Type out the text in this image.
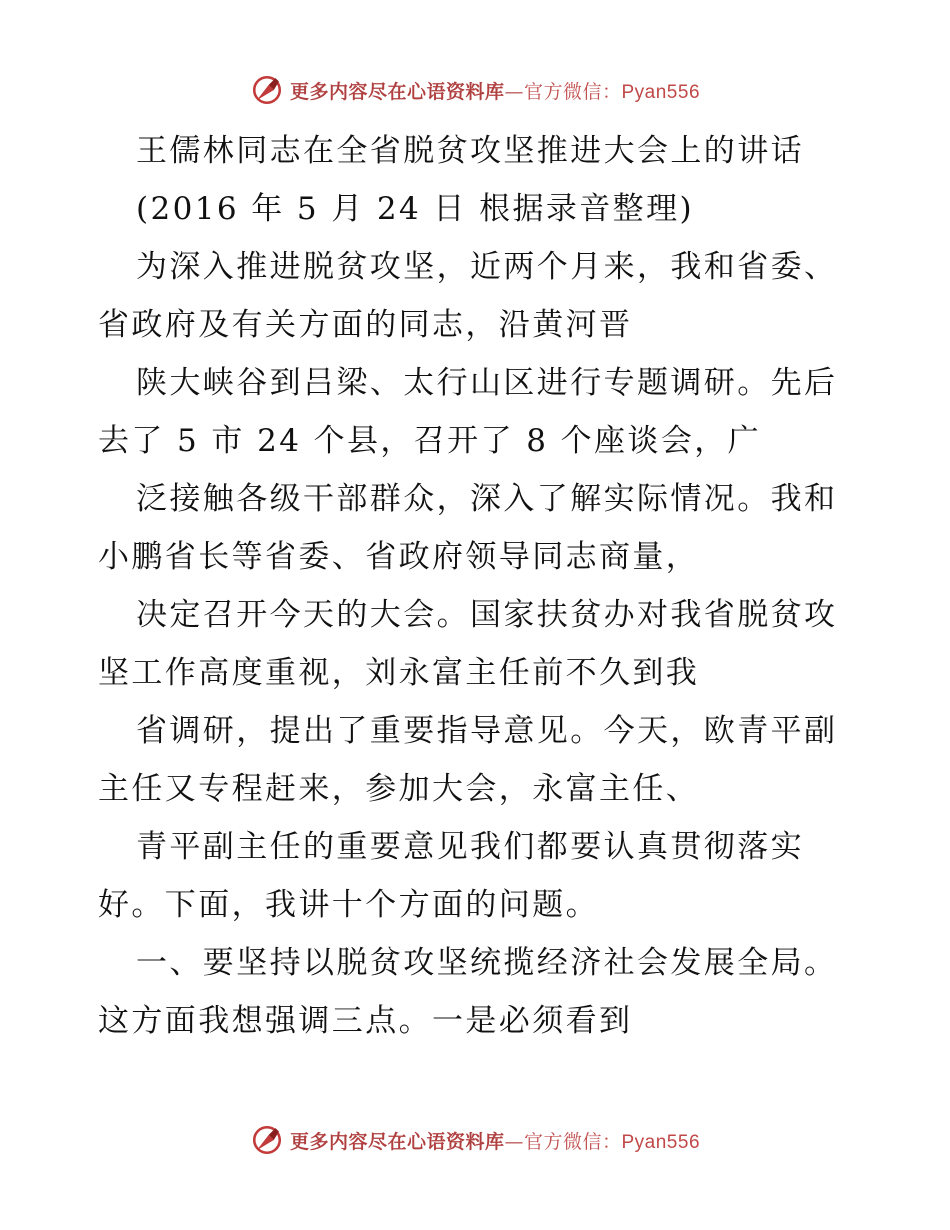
更多内容尽在心语资料库—官方微信：Pyan556
王儒林同志在全省脱贫攻坚推进大会上的讲话
(2016 年 5 月 24 日 根据录音整理)
为深入推进脱贫攻坚，近两个月来，我和省委、
省政府及有关方面的同志，沿黄河晋
陕大峡谷到吕梁、太行山区进行专题调研。先后
去了 5 市 24 个县，召开了 8 个座谈会，广
泛接触各级干部群众，深入了解实际情况。我和
小鹏省长等省委、省政府领导同志商量，
决定召开今天的大会。国家扶贫办对我省脱贫攻
坚工作高度重视，刘永富主任前不久到我
省调研，提出了重要指导意见。今天，欧青平副
主任又专程赶来，参加大会，永富主任、
青平副主任的重要意见我们都要认真贯彻落实
好。下面，我讲十个方面的问题。
一、要坚持以脱贫攻坚统揽经济社会发展全局。
这方面我想强调三点。一是必须看到
更多内容尽在心语资料库—官方微信：Pyan556
